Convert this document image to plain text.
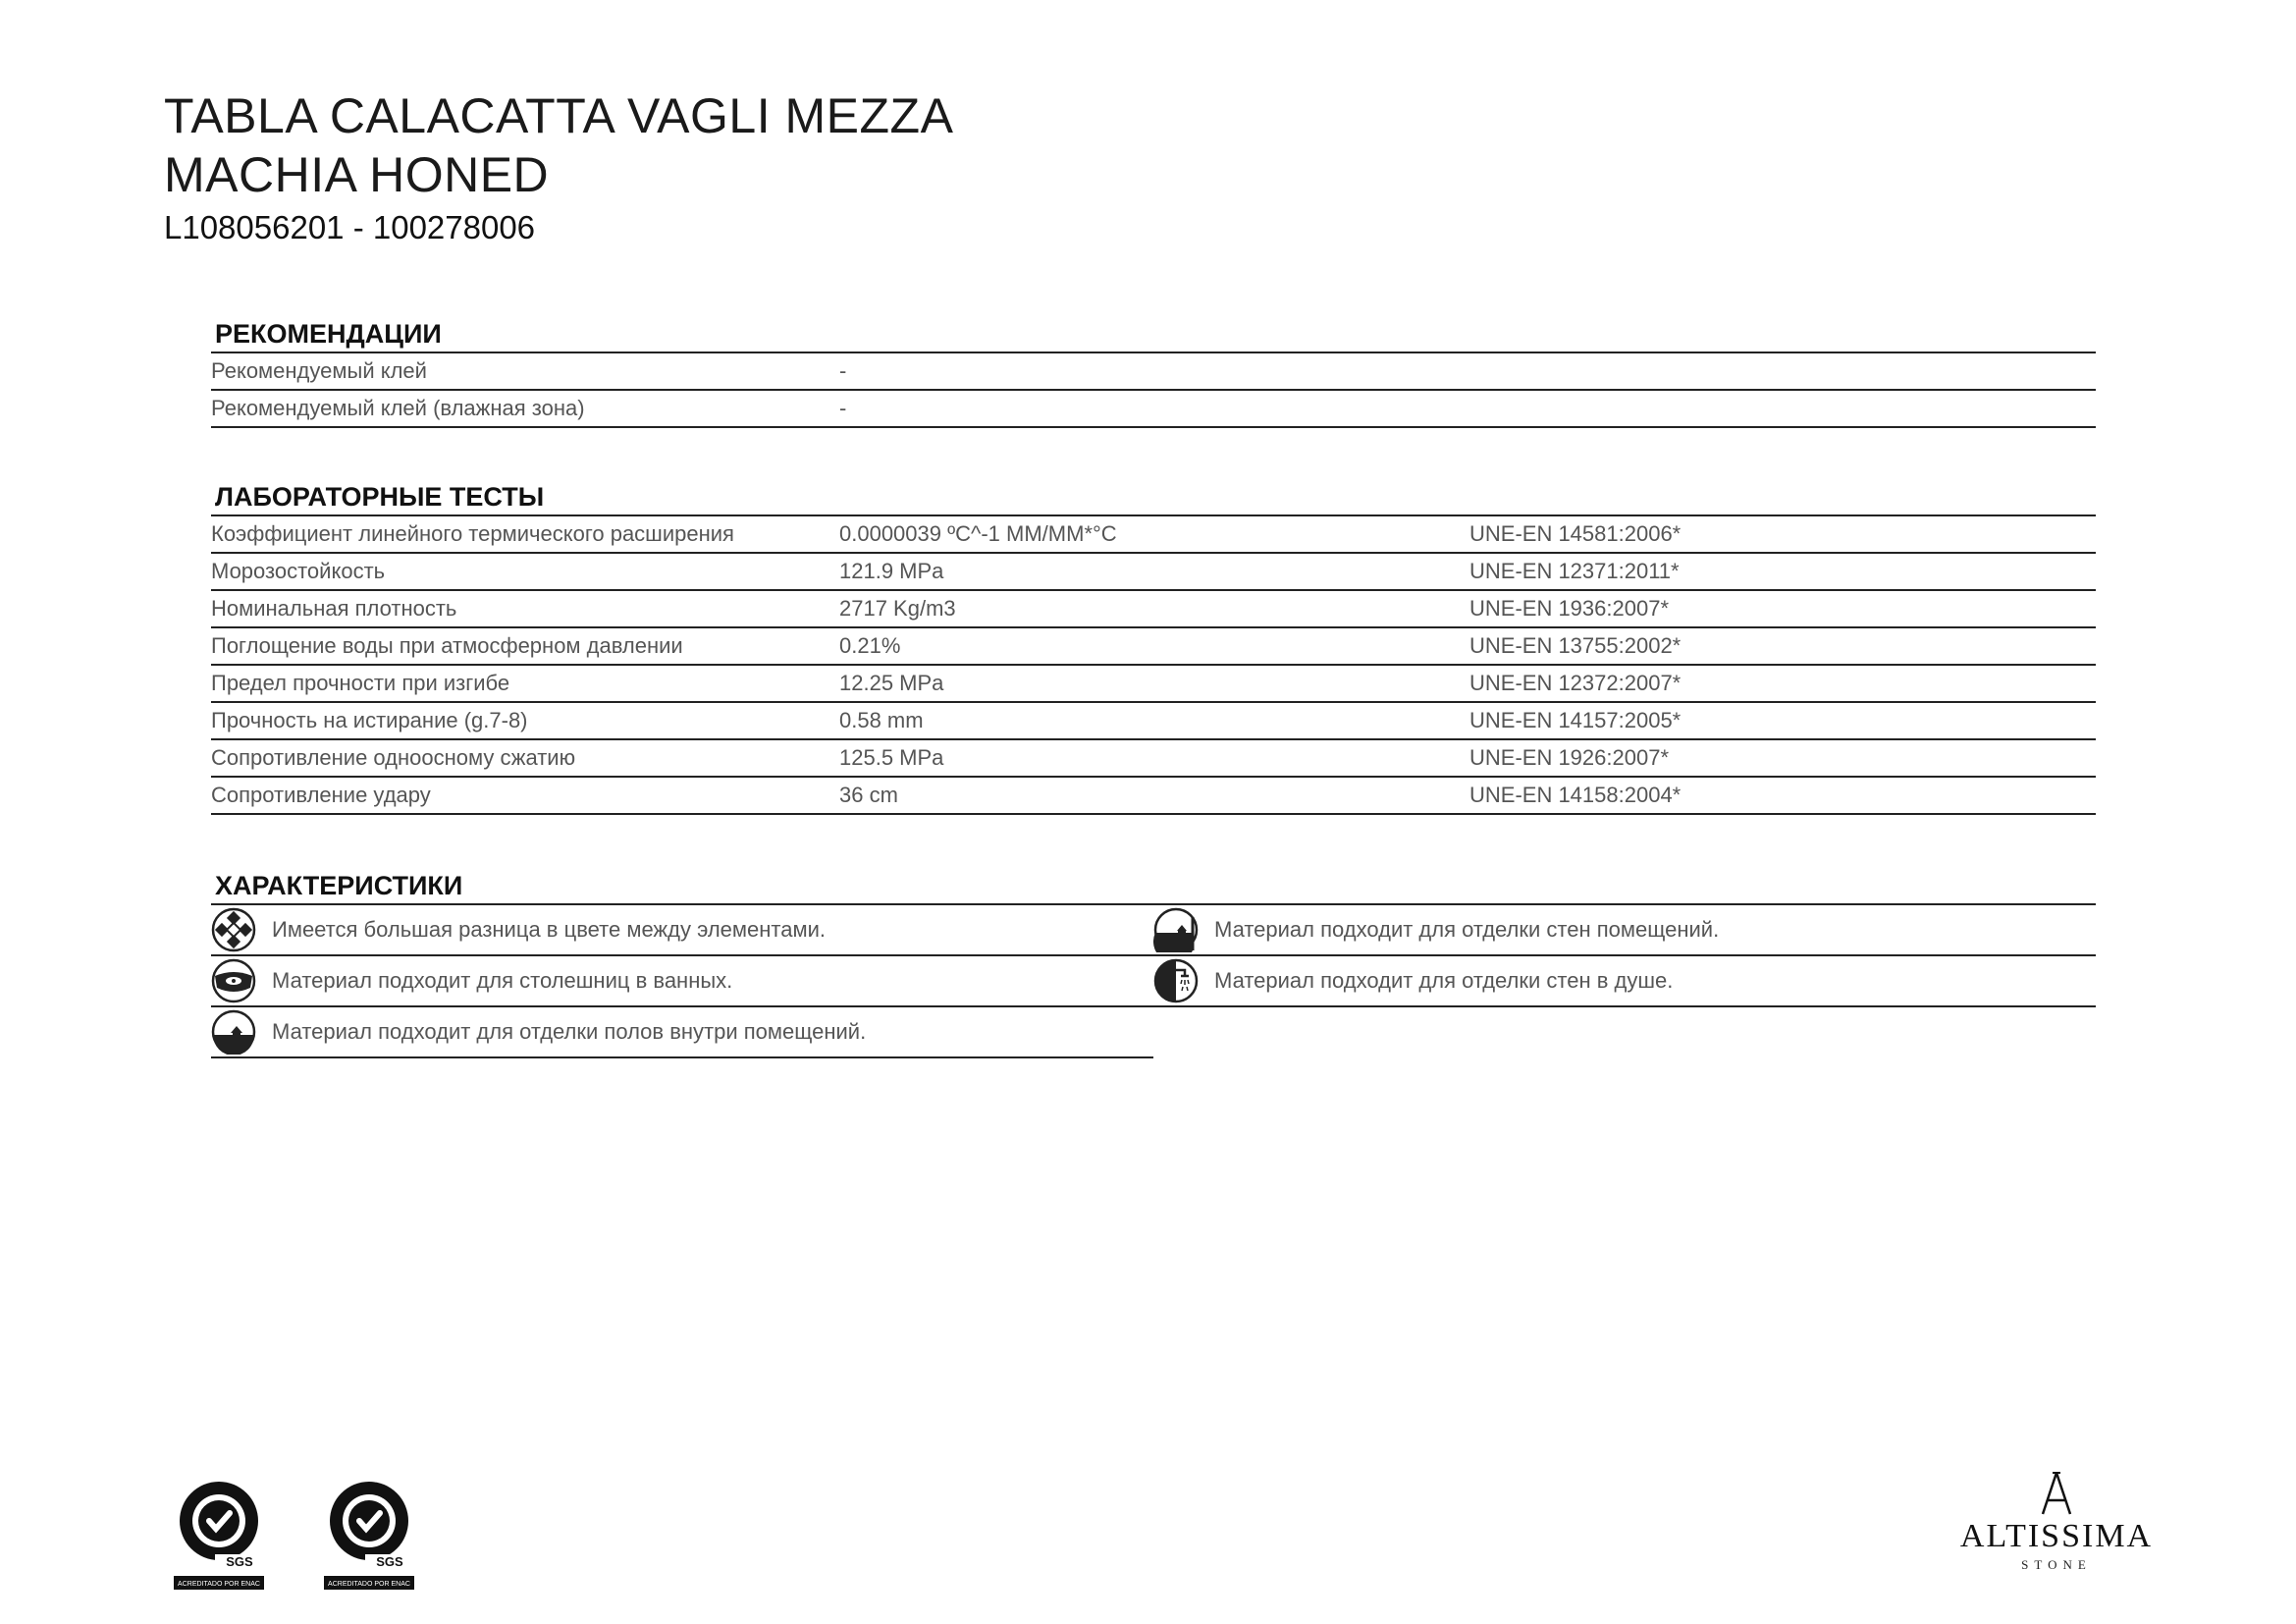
TABLA CALACATTA VAGLI MEZZA
MACHIA HONED
L108056201 - 100278006
РЕКОМЕНДАЦИИ
Рекомендуемый клей	-
Рекомендуемый клей (влажная зона)	-
ЛАБОРАТОРНЫЕ ТЕСТЫ
Коэффициент линейного термического расширения	0.0000039 ºC^-1 MM/MM*°C	UNE-EN 14581:2006*
Морозостойкость	121.9 MPa	UNE-EN 12371:2011*
Номинальная плотность	2717 Kg/m3	UNE-EN 1936:2007*
Поглощение воды при атмосферном давлении	0.21%	UNE-EN 13755:2002*
Предел прочности при изгибе	12.25 MPa	UNE-EN 12372:2007*
Прочность на истирание (g.7-8)	0.58 mm	UNE-EN 14157:2005*
Сопротивление одноосному сжатию	125.5 MPa	UNE-EN 1926:2007*
Сопротивление удару	36 cm	UNE-EN 14158:2004*
ХАРАКТЕРИСТИКИ
Имеется большая разница в цвете между элементами.	Материал подходит для отделки стен помещений.
Материал подходит для столешниц в ванных.	Материал подходит для отделки стен в душе.
Материал подходит для отделки полов внутри помещений.
SGS
ACREDITADO POR ENAC
SGS
ACREDITADO POR ENAC
ALTISSIMA
STONE
